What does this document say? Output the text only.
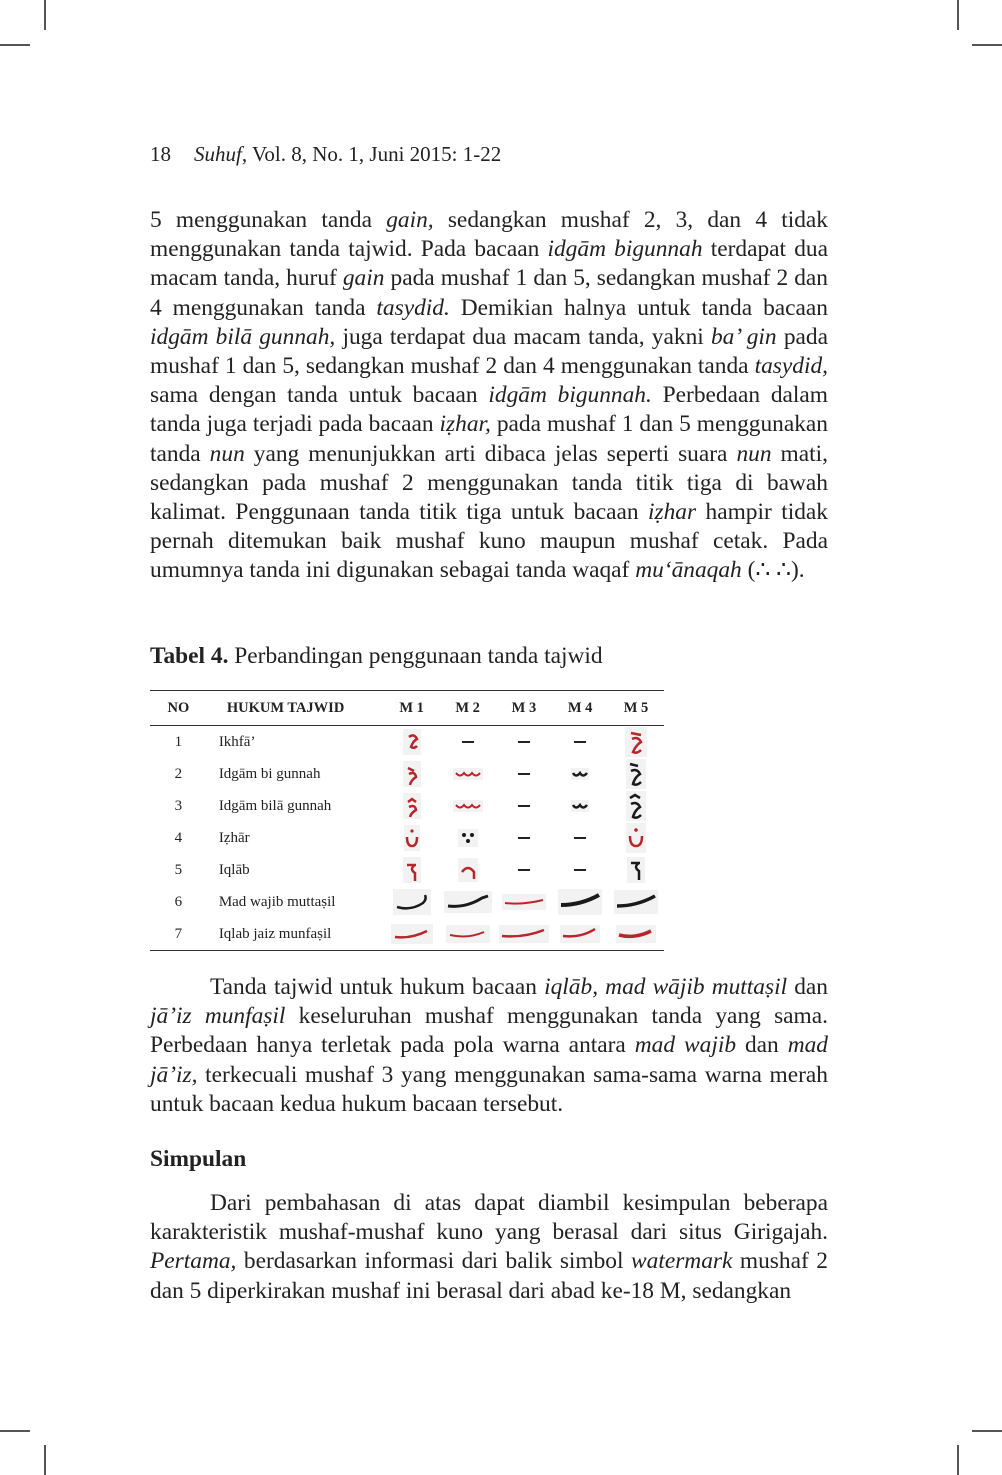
18 Suhuf, Vol. 8, No. 1, Juni 2015: 1-22

5 menggunakan tanda gain, sedangkan mushaf 2, 3, dan 4 tidak menggunakan tanda tajwid. Pada bacaan idgām bigunnah terdapat dua macam tanda, huruf gain pada mushaf 1 dan 5, sedangkan mushaf 2 dan 4 menggunakan tanda tasydid. Demikian halnya untuk tanda bacaan idgām bilā gunnah, juga terdapat dua macam tanda, yakni ba’ gin pada mushaf 1 dan 5, sedangkan mushaf 2 dan 4 menggunakan tanda tasydid, sama dengan tanda untuk bacaan idgām bigunnah. Perbedaan dalam tanda juga terjadi pada bacaan iẓhar, pada mushaf 1 dan 5 menggunakan tanda nun yang menunjukkan arti dibaca jelas seperti suara nun mati, sedangkan pada mushaf 2 menggunakan tanda titik tiga di bawah kalimat. Penggunaan tanda titik tiga untuk bacaan iẓhar hampir tidak pernah ditemukan baik mushaf kuno maupun mushaf cetak. Pada umumnya tanda ini digunakan sebagai tanda waqaf mu‘ānaqah (∴ ∴).

Tabel 4. Perbandingan penggunaan tanda tajwid
NO	HUKUM TAJWID	M 1	M 2	M 3	M 4	M 5
1	Ikhfā’					
2	Idgām bi gunnah					
3	Idgām bilā gunnah					
4	Iẓhār					
5	Iqlāb					
6	Mad wajib muttaṣil					
7	Iqlab jaiz munfaṣil					

Tanda tajwid untuk hukum bacaan iqlāb, mad wājib muttaṣil dan jā’iz munfaṣil keseluruhan mushaf menggunakan tanda yang sama. Perbedaan hanya terletak pada pola warna antara mad wajib dan mad jā’iz, terkecuali mushaf 3 yang menggunakan sama-sama warna merah untuk bacaan kedua hukum bacaan tersebut.

Simpulan

Dari pembahasan di atas dapat diambil kesimpulan beberapa karakteristik mushaf-mushaf kuno yang berasal dari situs Girigajah. Pertama, berdasarkan informasi dari balik simbol watermark mushaf 2 dan 5 diperkirakan mushaf ini berasal dari abad ke-18 M, sedangkan
